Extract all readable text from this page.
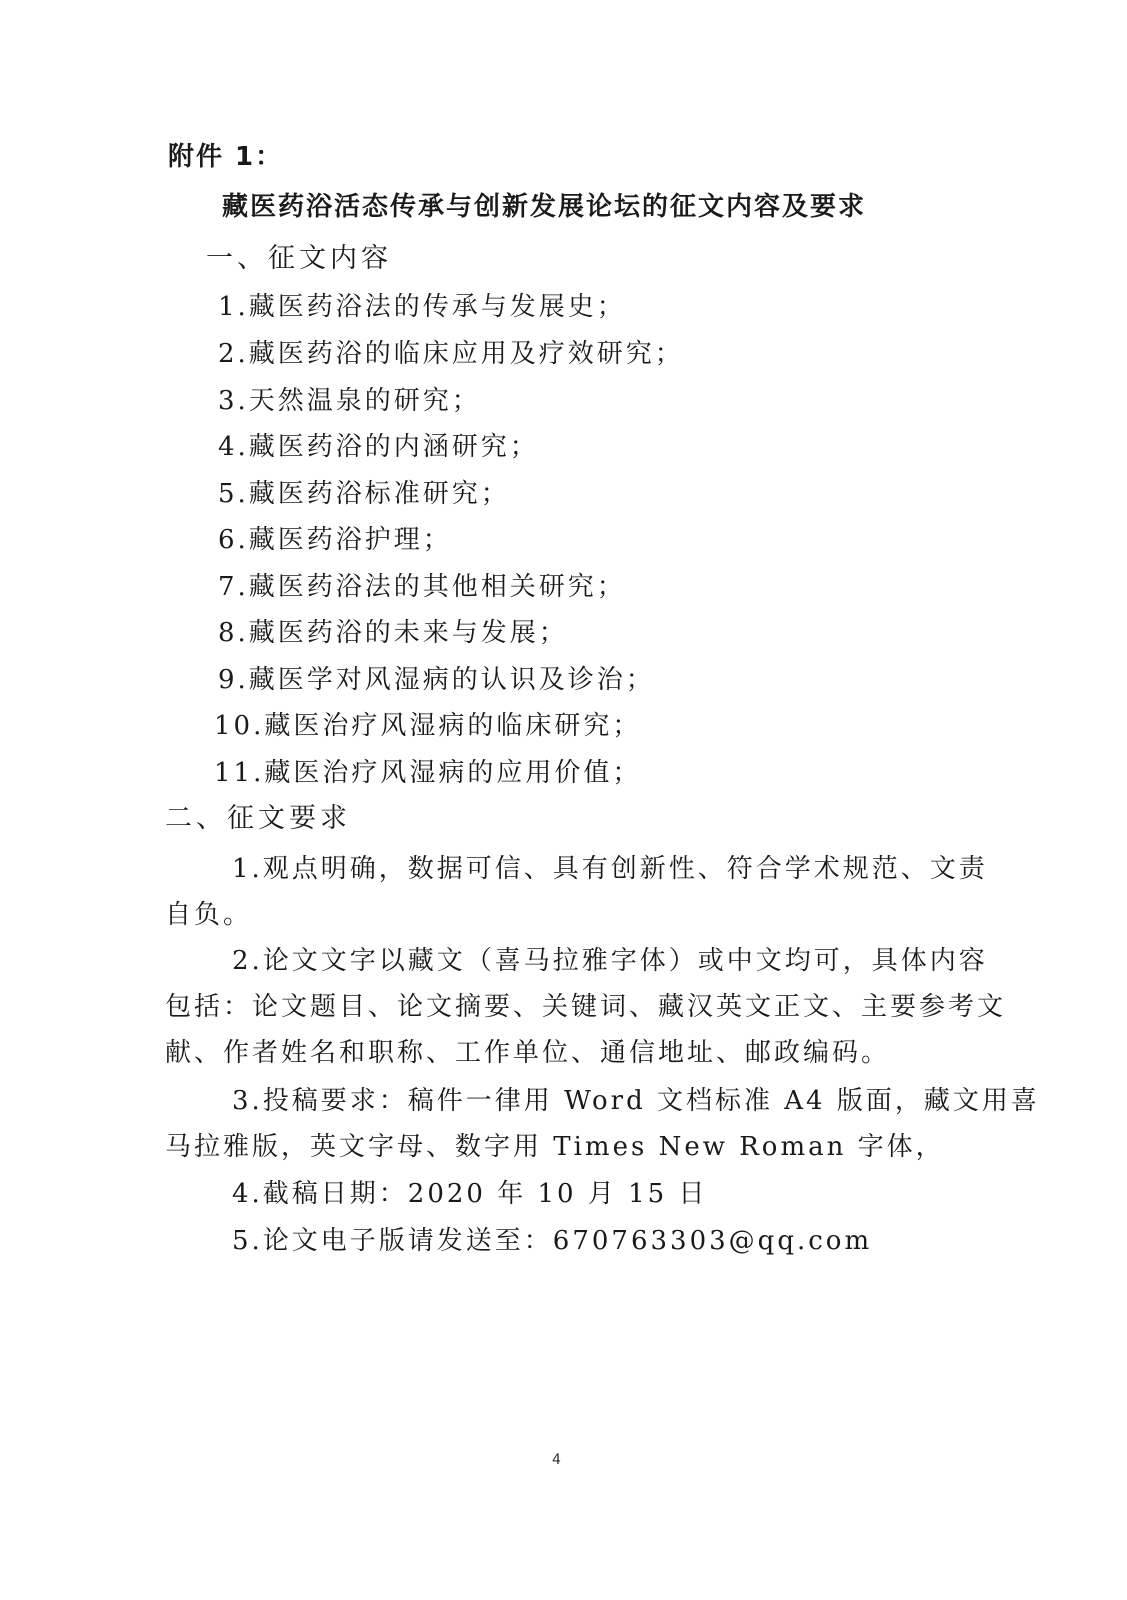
附件 1：
藏医药浴活态传承与创新发展论坛的征文内容及要求
一、征文内容
1.藏医药浴法的传承与发展史；
2.藏医药浴的临床应用及疗效研究；
3.天然温泉的研究；
4.藏医药浴的内涵研究；
5.藏医药浴标准研究；
6.藏医药浴护理；
7.藏医药浴法的其他相关研究；
8.藏医药浴的未来与发展；
9.藏医学对风湿病的认识及诊治；
10.藏医治疗风湿病的临床研究；
11.藏医治疗风湿病的应用价值；
二、征文要求
1.观点明确，数据可信、具有创新性、符合学术规范、文责
自负。
2.论文文字以藏文（喜马拉雅字体）或中文均可，具体内容
包括：论文题目、论文摘要、关键词、藏汉英文正文、主要参考文
献、作者姓名和职称、工作单位、通信地址、邮政编码。
3.投稿要求：稿件一律用 Word 文档标准 A4 版面，藏文用喜
马拉雅版，英文字母、数字用 Times New Roman 字体，
4.截稿日期：2020 年 10 月 15 日
5.论文电子版请发送至：670763303@qq.com
4
